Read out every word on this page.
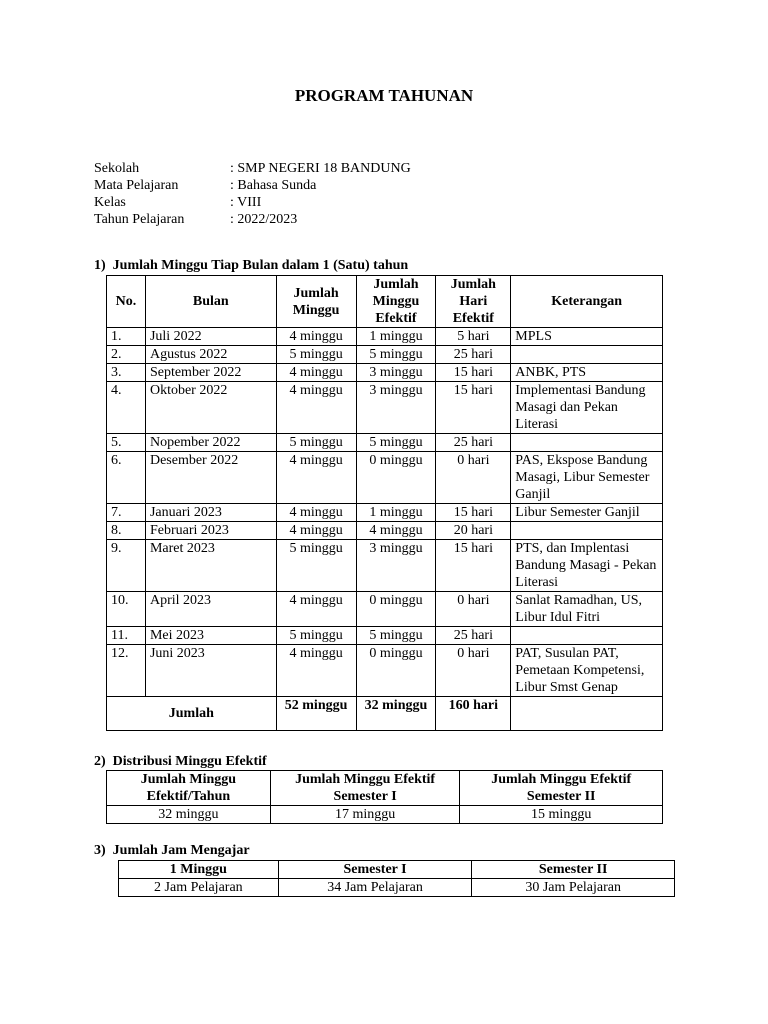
PROGRAM TAHUNAN
Sekolah	: SMP NEGERI 18 BANDUNG
Mata Pelajaran	: Bahasa Sunda
Kelas	: VIII
Tahun Pelajaran	: 2022/2023
1)  Jumlah Minggu Tiap Bulan dalam 1 (Satu) tahun
No.	Bulan	Jumlah Minggu	Jumlah Minggu Efektif	Jumlah Hari Efektif	Keterangan
1.	Juli 2022	4 minggu	1 minggu	5 hari	MPLS
2.	Agustus 2022	5 minggu	5 minggu	25 hari	
3.	September 2022	4 minggu	3 minggu	15 hari	ANBK, PTS
4.	Oktober 2022	4 minggu	3 minggu	15 hari	Implementasi Bandung Masagi dan Pekan Literasi
5.	Nopember 2022	5 minggu	5 minggu	25 hari	
6.	Desember 2022	4 minggu	0 minggu	0 hari	PAS, Ekspose Bandung Masagi, Libur Semester Ganjil
7.	Januari 2023	4 minggu	1 minggu	15 hari	Libur Semester Ganjil
8.	Februari 2023	4 minggu	4 minggu	20 hari	
9.	Maret 2023	5 minggu	3 minggu	15 hari	PTS, dan Implentasi Bandung Masagi - Pekan Literasi
10.	April 2023	4 minggu	0 minggu	0 hari	Sanlat Ramadhan, US, Libur Idul Fitri
11.	Mei 2023	5 minggu	5 minggu	25 hari	
12.	Juni 2023	4 minggu	0 minggu	0 hari	PAT, Susulan PAT, Pemetaan Kompetensi, Libur Smst Genap
Jumlah		52 minggu	32 minggu	160 hari	
2)  Distribusi Minggu Efektif
Jumlah Minggu Efektif/Tahun	Jumlah Minggu Efektif Semester I	Jumlah Minggu Efektif Semester II
32 minggu	17 minggu	15 minggu
3)  Jumlah Jam Mengajar
1 Minggu	Semester I	Semester II
2 Jam Pelajaran	34 Jam Pelajaran	30 Jam Pelajaran
